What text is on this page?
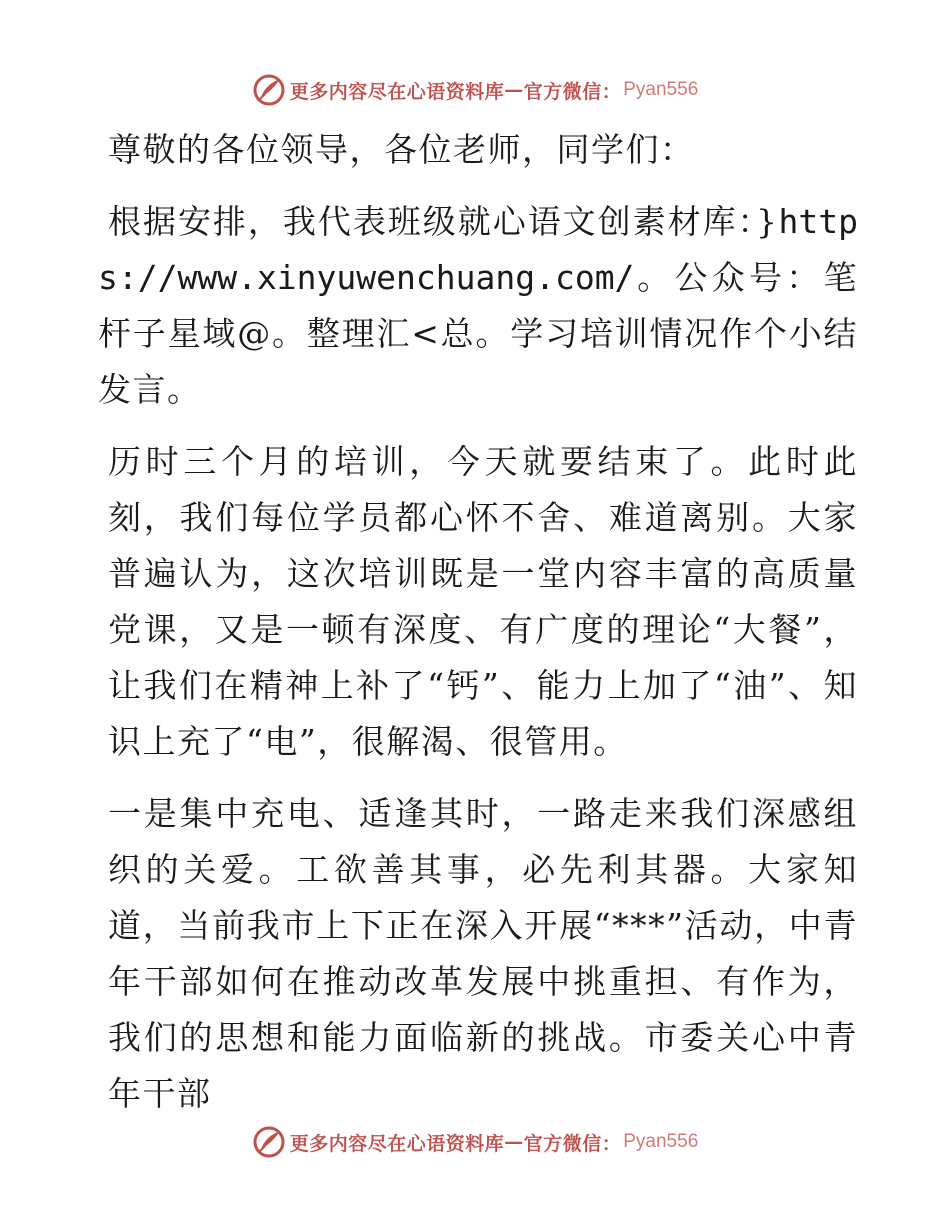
更多内容尽在心语资料库 — 官方微信： Pyan556

尊敬的各位领导，各位老师，同学们：

根据安排，我代表班级就心语文创素材库：}https://www.xinyuwenchuang.com/。公众号：笔杆子星域@。整理汇<总。学习培训情况作个小结发言。

历时三个月的培训，今天就要结束了。此时此刻，我们每位学员都心怀不舍、难道离别。大家普遍认为，这次培训既是一堂内容丰富的高质量党课，又是一顿有深度、有广度的理论“大餐”，让我们在精神上补了“钙”、能力上加了“油”、知识上充了“电”，很解渴、很管用。

一是集中充电、适逢其时，一路走来我们深感组织的关爱。工欲善其事，必先利其器。大家知道，当前我市上下正在深入开展“***”活动，中青年干部如何在推动改革发展中挑重担、有作为，我们的思想和能力面临新的挑战。市委关心中青年干部

更多内容尽在心语资料库 — 官方微信： Pyan556
